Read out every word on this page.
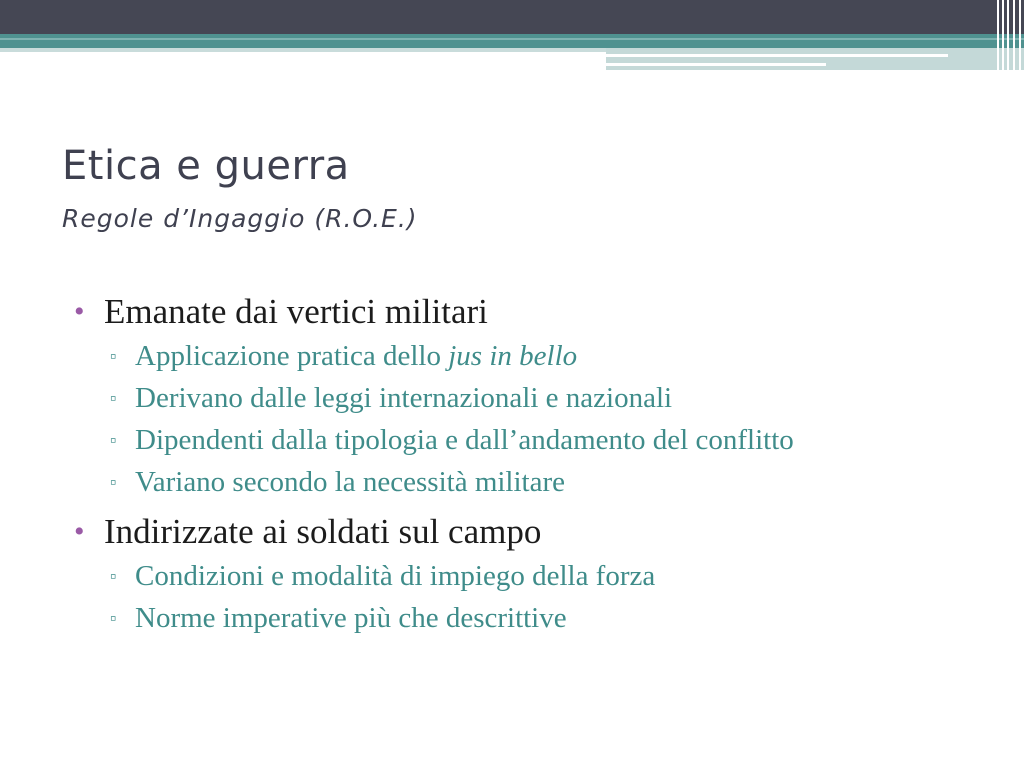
Etica e guerra
Regole d’Ingaggio (R.O.E.)
• Emanate dai vertici militari
▫ Applicazione pratica dello jus in bello
▫ Derivano dalle leggi internazionali e nazionali
▫ Dipendenti dalla tipologia e dall’andamento del conflitto
▫ Variano secondo la necessità militare
• Indirizzate ai soldati sul campo
▫ Condizioni e modalità di impiego della forza
▫ Norme imperative più che descrittive
